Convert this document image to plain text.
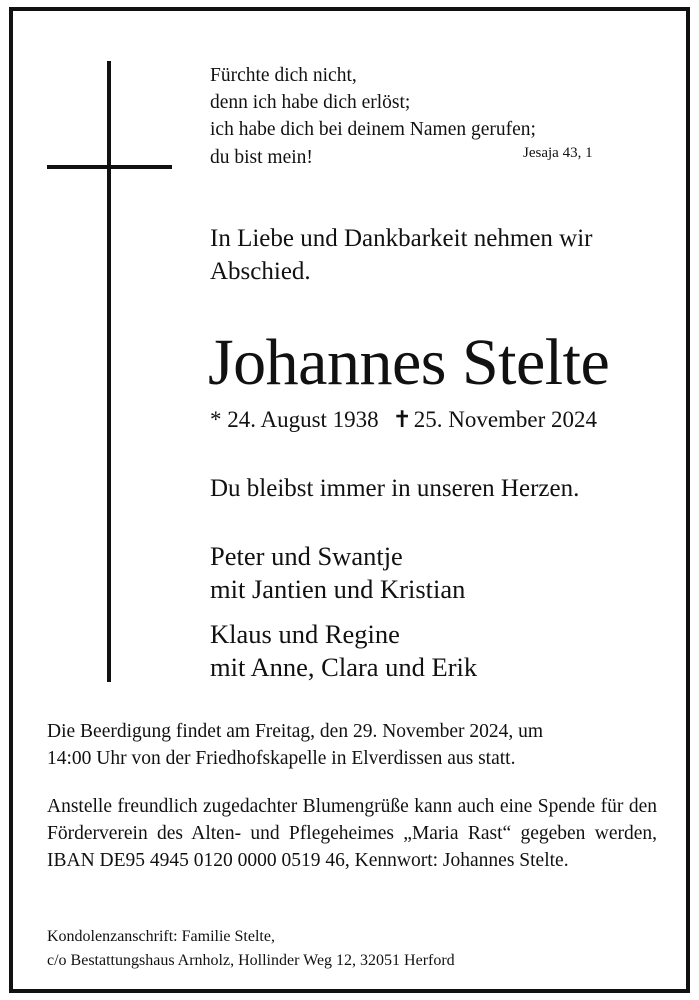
Fürchte dich nicht,
denn ich habe dich erlöst;
ich habe dich bei deinem Namen gerufen;
du bist mein!	Jesaja 43, 1
In Liebe und Dankbarkeit nehmen wir
Abschied.
Johannes Stelte
* 24. August 1938 ✝25. November 2024
Du bleibst immer in unseren Herzen.
Peter und Swantje
mit Jantien und Kristian
Klaus und Regine
mit Anne, Clara und Erik
Die Beerdigung findet am Freitag, den 29. November 2024, um
14:00 Uhr von der Friedhofskapelle in Elverdissen aus statt.
Anstelle freundlich zugedachter Blumengrüße kann auch eine Spende für den Förderverein des Alten- und Pflegeheimes „Maria Rast“ gegeben werden, IBAN DE95 4945 0120 0000 0519 46, Kennwort: Johannes Stelte.
Kondolenzanschrift: Familie Stelte,
c/o Bestattungshaus Arnholz, Hollinder Weg 12, 32051 Herford
